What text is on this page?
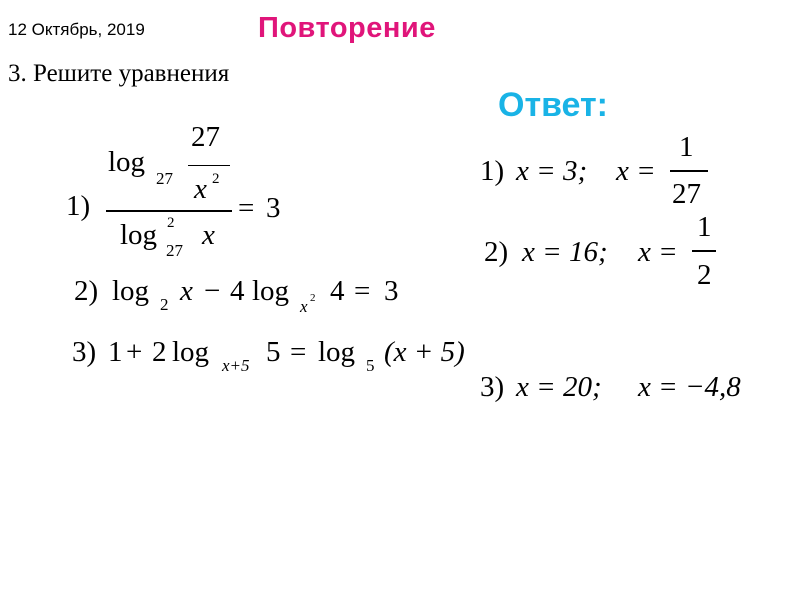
12 Октябрь, 2019	Повторение
3. Решите уравнения
Ответ:
1)
log
27
27
x 2
log 2
27 x
= 3
2) log 2 x − 4 log x 2 4 = 3
3) 1 + 2 log x+5 5 = log 5 (x + 5)
1) x = 3; x =
1
27
2) x = 16; x =
1
2
3) x = 20; x = −4,8
